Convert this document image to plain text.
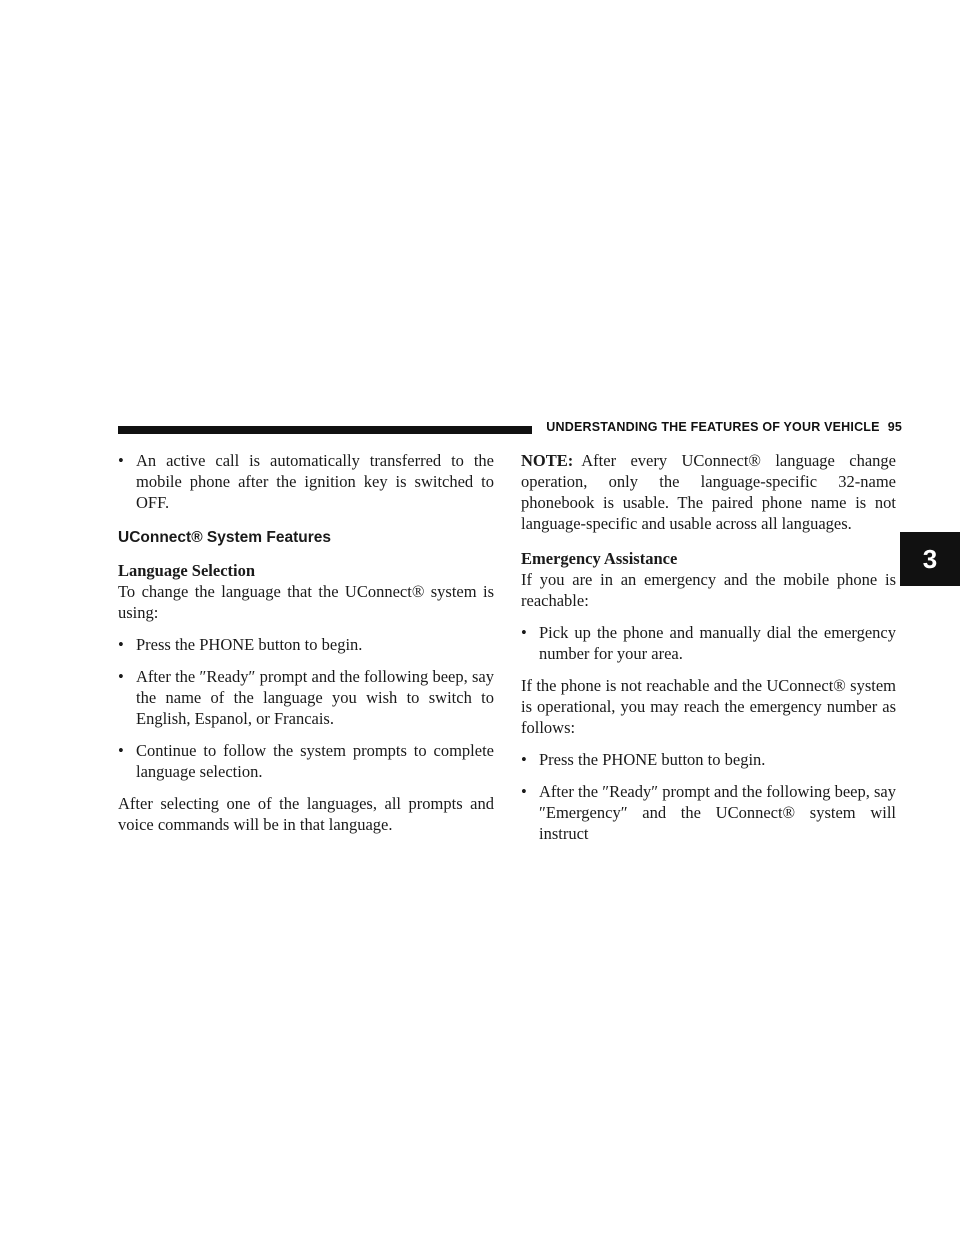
UNDERSTANDING THE FEATURES OF YOUR VEHICLE 95
3
• An active call is automatically transferred to the mobile phone after the ignition key is switched to OFF.
UConnect® System Features

Language Selection

To change the language that the UConnect® system is using:

• Press the PHONE button to begin.
• After the ″Ready″ prompt and the following beep, say the name of the language you wish to switch to English, Espanol, or Francais.
• Continue to follow the system prompts to complete language selection.

After selecting one of the languages, all prompts and voice commands will be in that language.

NOTE: After every UConnect® language change operation, only the language-specific 32-name phonebook is usable. The paired phone name is not language-specific and usable across all languages.

Emergency Assistance

If you are in an emergency and the mobile phone is reachable:

• Pick up the phone and manually dial the emergency number for your area.

If the phone is not reachable and the UConnect® system is operational, you may reach the emergency number as follows:

• Press the PHONE button to begin.
• After the ″Ready″ prompt and the following beep, say ″Emergency″ and the UConnect® system will instruct
